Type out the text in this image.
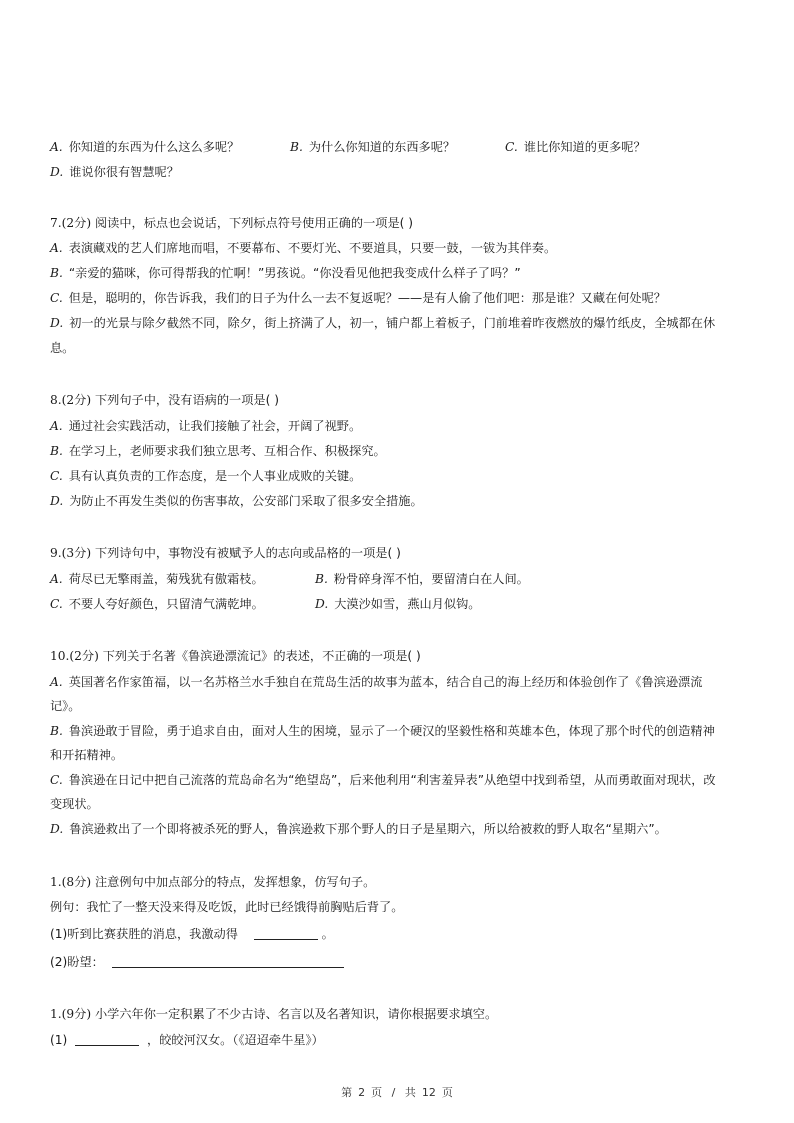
A. 你知道的东西为什么这么多呢？	B. 为什么你知道的东西多呢？	C. 谁比你知道的更多呢？
D. 谁说你很有智慧呢？
7.(2分) 阅读中，标点也会说话，下列标点符号使用正确的一项是( )
A. 表演藏戏的艺人们席地而唱，不要幕布、不要灯光、不要道具，只要一鼓，一钹为其伴奏。
B. “亲爱的猫咪，你可得帮我的忙啊！”男孩说。“你没看见他把我变成什么样子了吗？”
C. 但是，聪明的，你告诉我，我们的日子为什么一去不复返呢？——是有人偷了他们吧：那是谁？又藏在何处呢？
D. 初一的光景与除夕截然不同，除夕，街上挤满了人，初一，铺户都上着板子，门前堆着昨夜燃放的爆竹纸皮，全城都在休
息。
8.(2分) 下列句子中，没有语病的一项是( )
A. 通过社会实践活动，让我们接触了社会，开阔了视野。
B. 在学习上，老师要求我们独立思考、互相合作、积极探究。
C. 具有认真负责的工作态度，是一个人事业成败的关键。
D. 为防止不再发生类似的伤害事故，公安部门采取了很多安全措施。
9.(3分) 下列诗句中，事物没有被赋予人的志向或品格的一项是( )
A. 荷尽已无擎雨盖，菊残犹有傲霜枝。	B. 粉骨碎身浑不怕，要留清白在人间。
C. 不要人夸好颜色，只留清气满乾坤。	D. 大漠沙如雪，燕山月似钩。
10.(2分) 下列关于名著《鲁滨逊漂流记》的表述，不正确的一项是( )
A. 英国著名作家笛福，以一名苏格兰水手独自在荒岛生活的故事为蓝本，结合自己的海上经历和体验创作了《鲁滨逊漂流
记》。
B. 鲁滨逊敢于冒险，勇于追求自由，面对人生的困境，显示了一个硬汉的坚毅性格和英雄本色，体现了那个时代的创造精神
和开拓精神。
C. 鲁滨逊在日记中把自己流落的荒岛命名为“绝望岛”，后来他利用“利害羞异表”从绝望中找到希望，从而勇敢面对现状，改
变现状。
D. 鲁滨逊救出了一个即将被杀死的野人，鲁滨逊救下那个野人的日子是星期六，所以给被救的野人取名“星期六”。
1.(8分) 注意例句中加点部分的特点，发挥想象，仿写句子。
例句：我忙了一整天没来得及吃饭，此时已经饿得前胸贴后背了。
(1)听到比赛获胜的消息，我激动得	。
(2)盼望：
1.(9分) 小学六年你一定积累了不少古诗、名言以及名著知识，请你根据要求填空。
(1)	，皎皎河汉女。（《迢迢牵牛星》）
第 2 页 / 共 12 页
